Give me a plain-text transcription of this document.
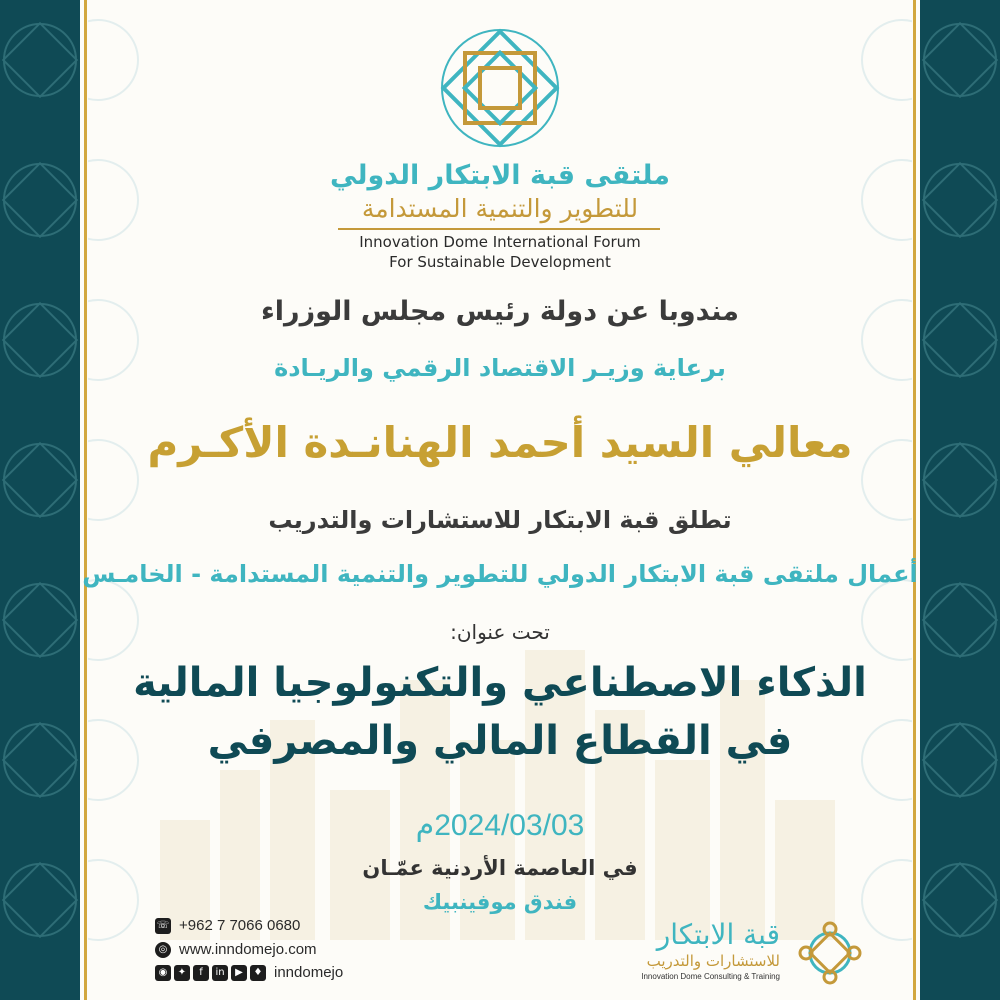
ملتقى قبة الابتكار الدولي
للتطوير والتنمية المستدامة
Innovation Dome International Forum
For Sustainable Development
مندوبا عن دولة رئيس مجلس الوزراء
برعاية وزيـر الاقتصاد الرقمي والريـادة
معالي السيد أحمد الهنانـدة الأكـرم
تطلق قبة الابتكار للاستشارات والتدريب
أعمال ملتقى قبة الابتكار الدولي للتطوير والتنمية المستدامة - الخامـس
تحت عنوان:
الذكاء الاصطناعي والتكنولوجيا المالية
في القطاع المالي والمصرفي
2024/03/03م
في العاصمة الأردنية عمّـان
فندق موفينبيك
☏ +962 7 7066 0680
◎ www.inndomejo.com
◉	✦	f	in	▶	♦ inndomejo
قبة الابتكار
للاستشارات والتدريب
Innovation Dome Consulting & Training
